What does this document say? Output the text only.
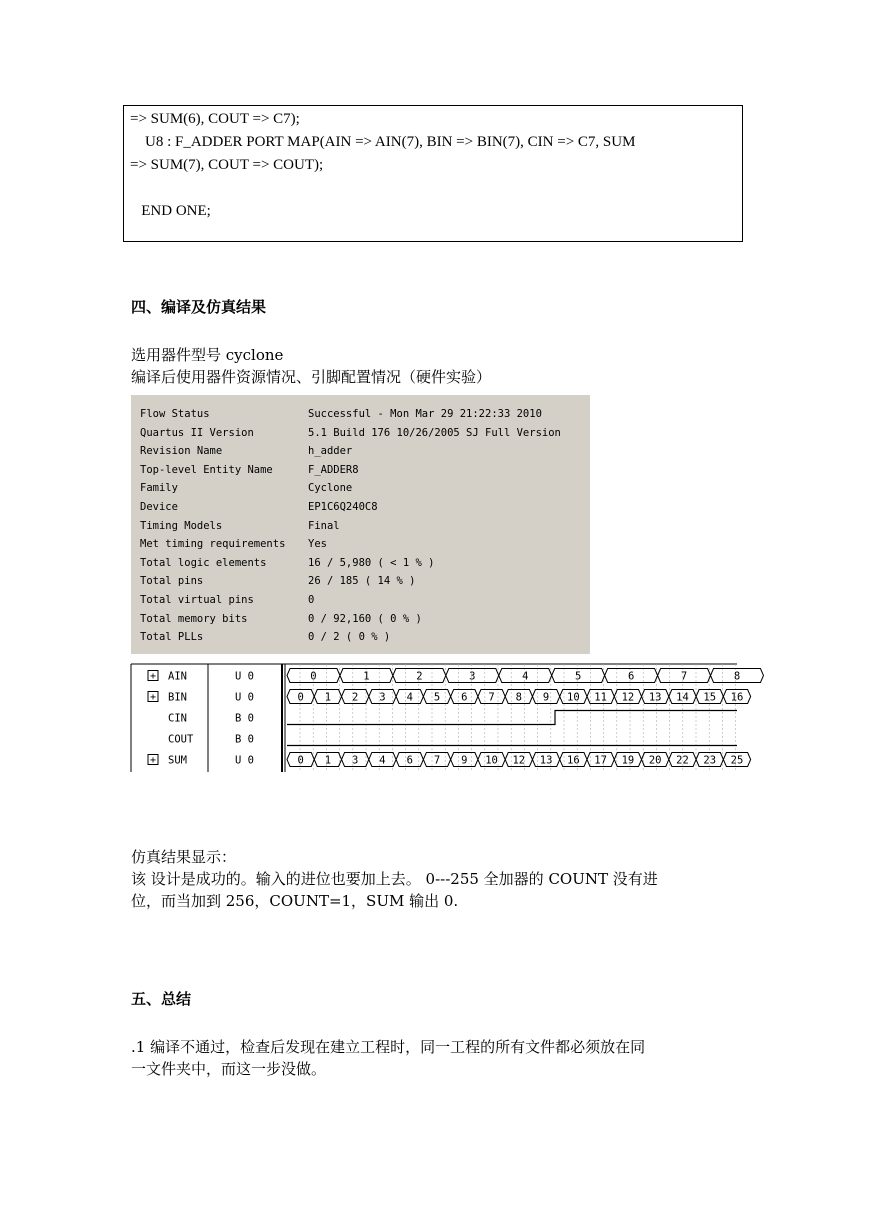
=> SUM(6), COUT => C7);
U8 : F_ADDER PORT MAP(AIN => AIN(7), BIN => BIN(7), CIN => C7, SUM
=> SUM(7), COUT => COUT);
END ONE;
四、编译及仿真结果
选用器件型号 cyclone
编译后使用器件资源情况、引脚配置情况（硬件实验）
Flow Status	Successful - Mon Mar 29 21:22:33 2010
Quartus II Version	5.1 Build 176 10/26/2005 SJ Full Version
Revision Name	h_adder
Top-level Entity Name	F_ADDER8
Family	Cyclone
Device	EP1C6Q240C8
Timing Models	Final
Met timing requirements Yes
Total logic elements	16 / 5,980 ( < 1 % )
Total pins	26 / 185 ( 14 % )
Total virtual pins	0
Total memory bits	0 / 92,160 ( 0 % )
Total PLLs	0 / 2 ( 0 % )
+ AIN	U 0	0	1	2	3	4	5	6	7	8
+ BIN	U 0	0 1 2 3 4 5 6 7 8 9 10 11 12 13 14 15 16
CIN	B 0
COUT	B 0
+ SUM	U 0	0 1 3 4 6 7 9 10 12 13 16 17 19 20 22 23 25
仿真结果显示：
该 设计是成功的。输入的进位也要加上去。 0---255 全加器的 COUNT 没有进
位，而当加到 256，COUNT=1，SUM 输出 0.
五、总结
.1 编译不通过，检查后发现在建立工程时，同一工程的所有文件都必须放在同
一文件夹中，而这一步没做。
